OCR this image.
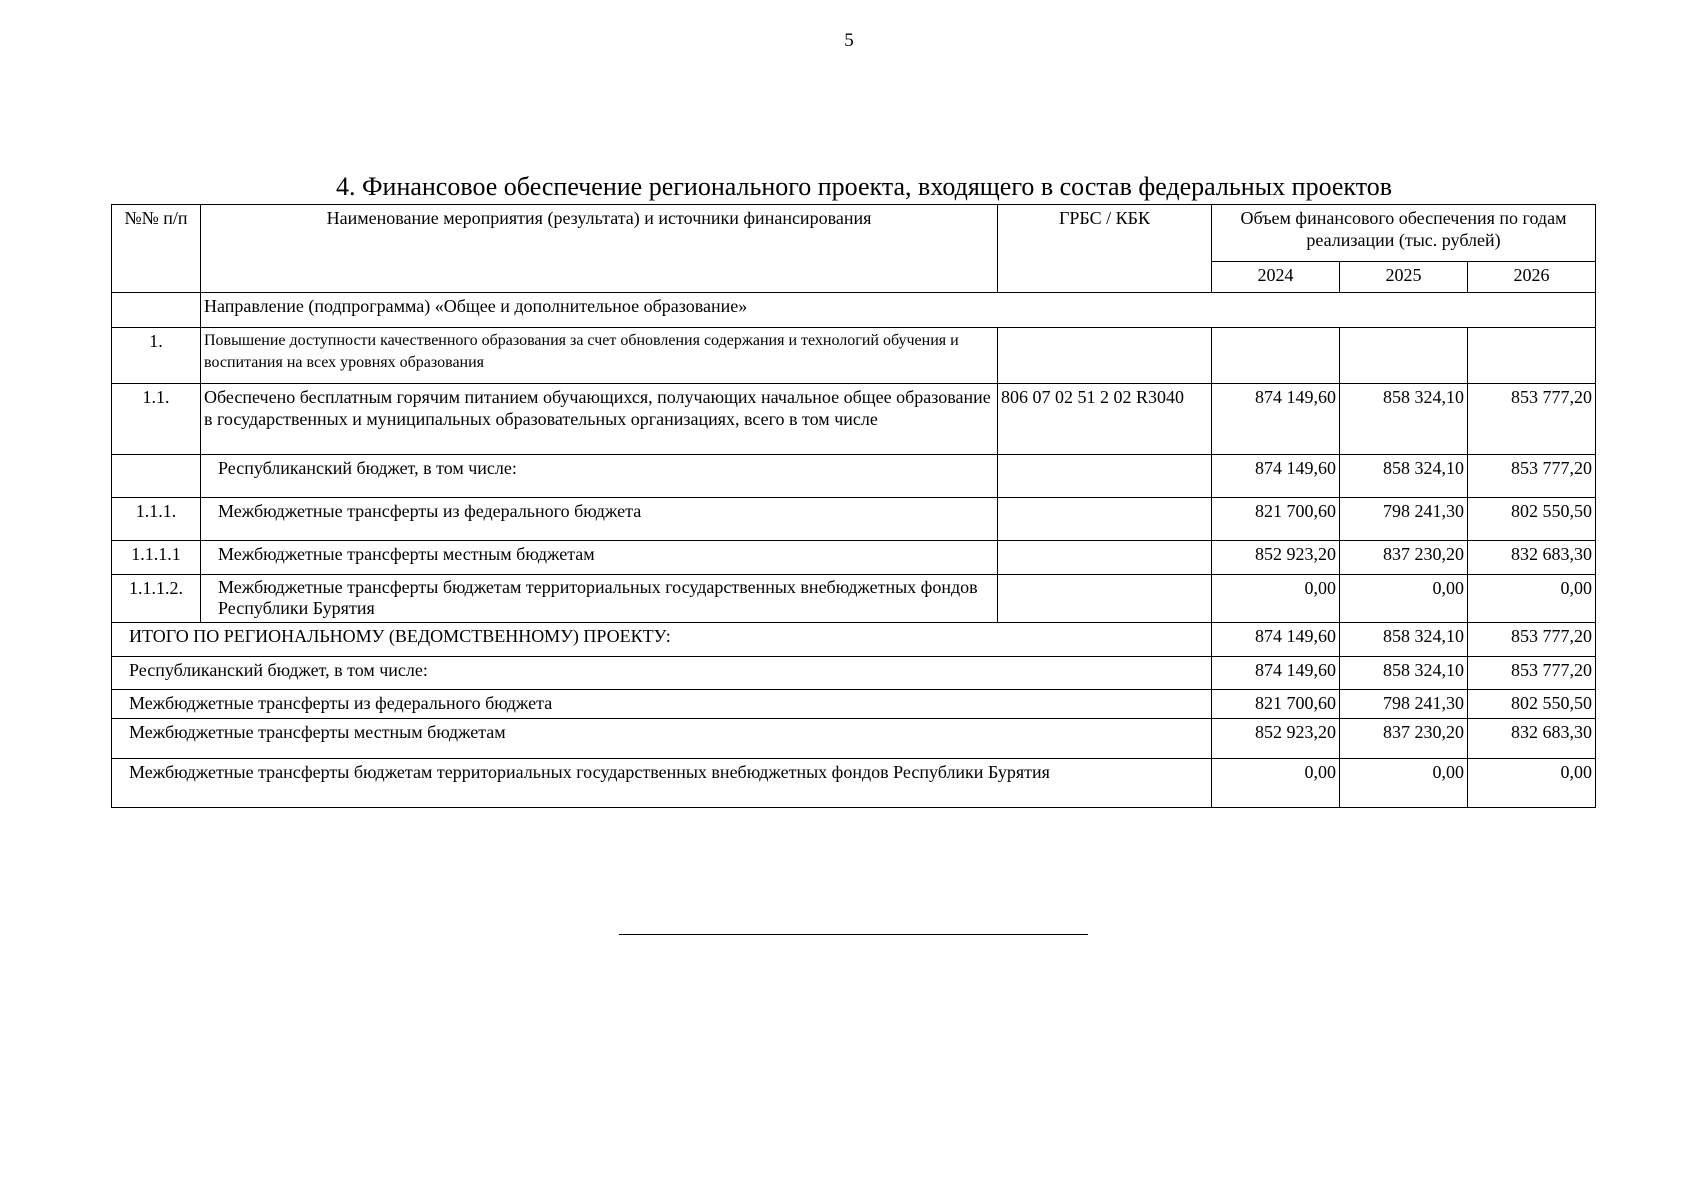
5
4. Финансовое обеспечение регионального проекта, входящего в состав федеральных проектов
№№ п/п	Наименование мероприятия (результата) и источники финансирования	ГРБС / КБК	Объем финансового обеспечения по годам реализации (тыс. рублей)		
			2024	2025	2026
	Направление (подпрограмма) «Общее и дополнительное образование»				
1.	Повышение доступности качественного образования за счет обновления содержания и технологий обучения и воспитания на всех уровнях образования				
1.1.	Обеспечено бесплатным горячим питанием обучающихся, получающих начальное общее образование в государственных и муниципальных образовательных организациях, всего в том числе	806 07 02 51 2 02 R3040	874 149,60	858 324,10	853 777,20
	Республиканский бюджет, в том числе:		874 149,60	858 324,10	853 777,20
1.1.1.	Межбюджетные трансферты из федерального бюджета		821 700,60	798 241,30	802 550,50
1.1.1.1	Межбюджетные трансферты местным бюджетам		852 923,20	837 230,20	832 683,30
1.1.1.2.	Межбюджетные трансферты бюджетам территориальных государственных внебюджетных фондов Республики Бурятия		0,00	0,00	0,00
ИТОГО ПО РЕГИОНАЛЬНОМУ (ВЕДОМСТВЕННОМУ) ПРОЕКТУ:			874 149,60	858 324,10	853 777,20
Республиканский бюджет, в том числе:			874 149,60	858 324,10	853 777,20
Межбюджетные трансферты из федерального бюджета			821 700,60	798 241,30	802 550,50
Межбюджетные трансферты местным бюджетам			852 923,20	837 230,20	832 683,30
Межбюджетные трансферты бюджетам территориальных государственных внебюджетных фондов Республики Бурятия			0,00	0,00	0,00
